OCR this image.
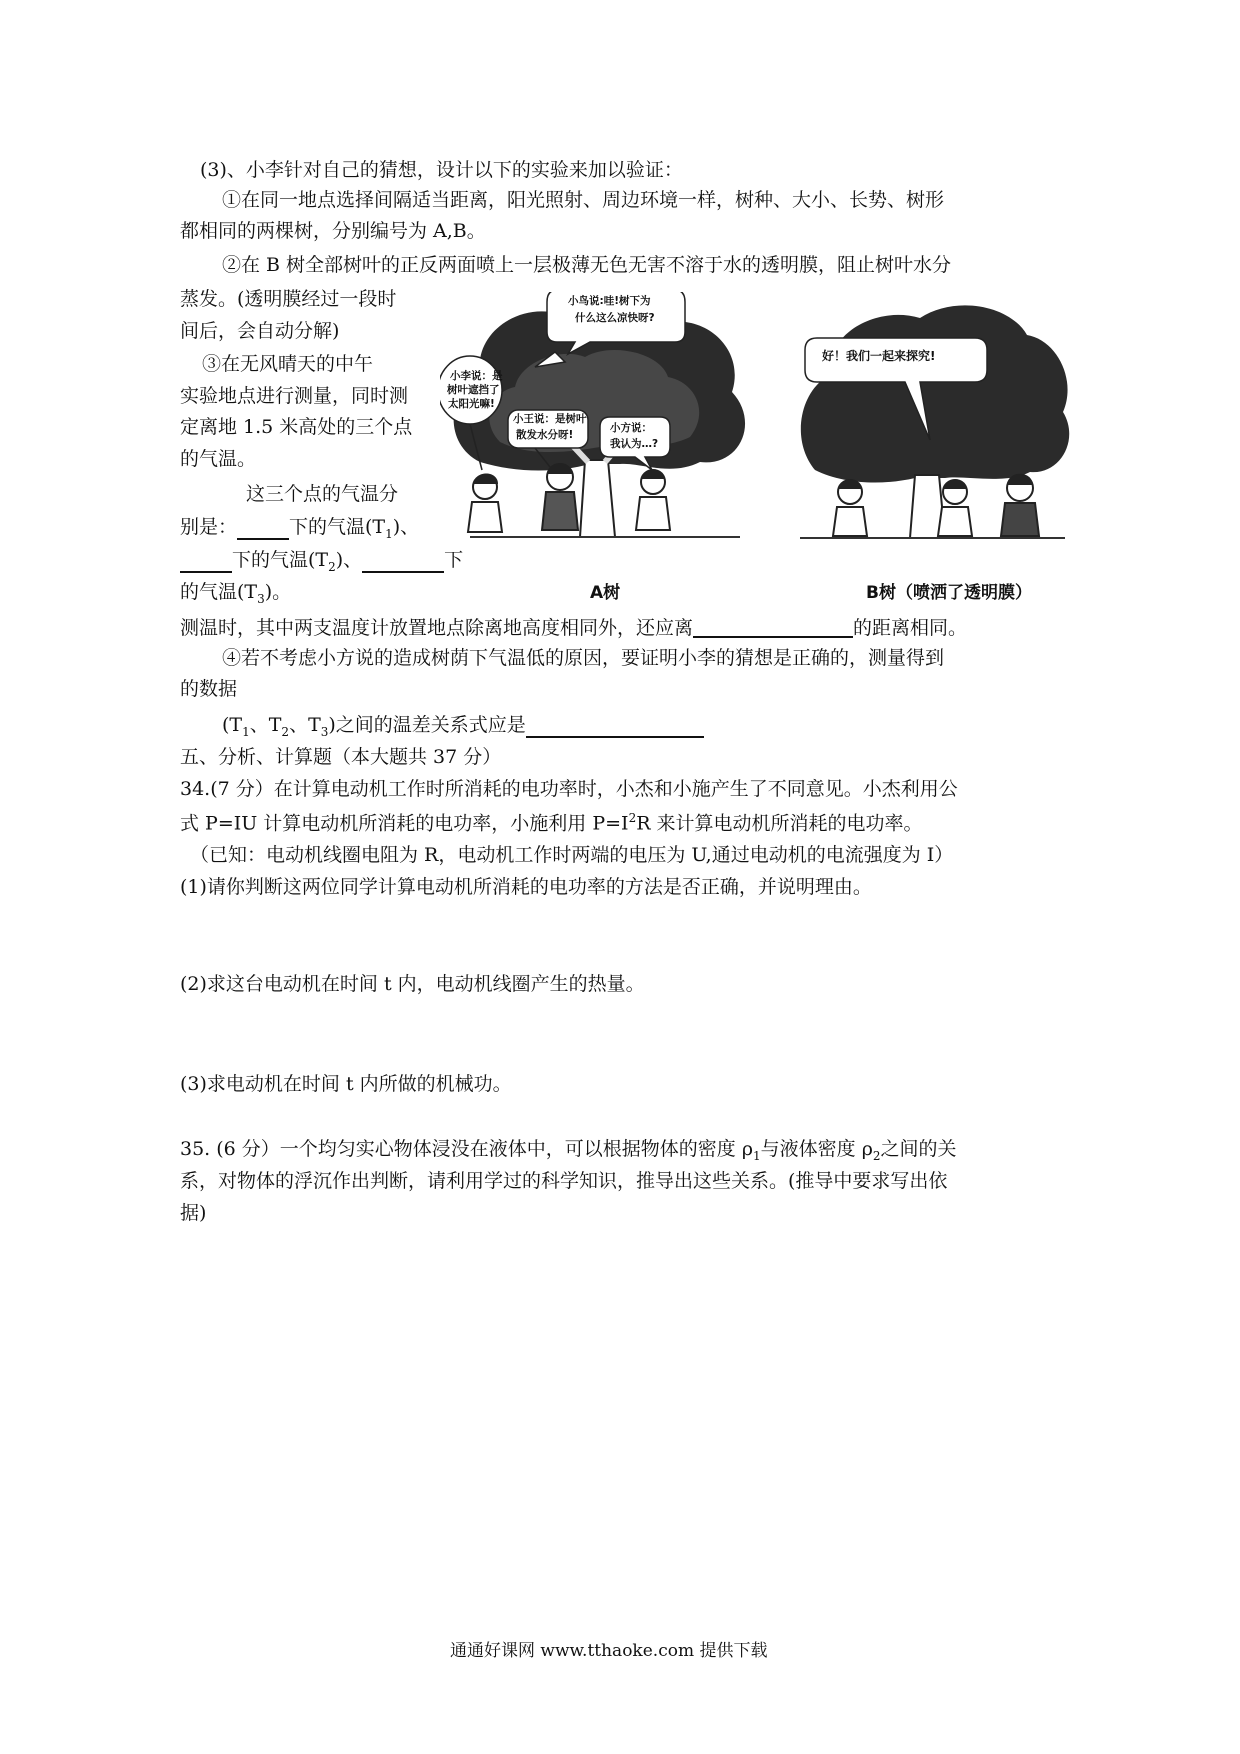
(3)、小李针对自己的猜想，设计以下的实验来加以验证：
①在同一地点选择间隔适当距离，阳光照射、周边环境一样，树种、大小、长势、树形
都相同的两棵树，分别编号为 A,B。
②在 B 树全部树叶的正反两面喷上一层极薄无色无害不溶于水的透明膜，阻止树叶水分
蒸发。(透明膜经过一段时
间后，会自动分解)
③在无风晴天的中午
实验地点进行测量，同时测
定离地 1.5 米高处的三个点
的气温。
这三个点的气温分
别是：	下的气温$(T_1)$、
下的气温$(T_2)$、	下
的气温$(T_3)$。
测温时，其中两支温度计放置地点除离地高度相同外，还应离	的距离相同。
④若不考虑小方说的造成树荫下气温低的原因，要证明小李的猜想是正确的，测量得到
的数据
($T_1$、$T_2$、$T_3$)之间的温差关系式应是
五、分析、计算题（本大题共 37 分）
34.(7 分）在计算电动机工作时所消耗的电功率时，小杰和小施产生了不同意见。小杰利用公
式 P=IU 计算电动机所消耗的电功率，小施利用 $P=I^2R$ 来计算电动机所消耗的电功率。
（已知：电动机线圈电阻为 R，电动机工作时两端的电压为 U,通过电动机的电流强度为 I）
(1)请你判断这两位同学计算电动机所消耗的电功率的方法是否正确，并说明理由。
(2)求这台电动机在时间 t 内，电动机线圈产生的热量。
(3)求电动机在时间 t 内所做的机械功。
35. (6 分）一个均匀实心物体浸没在液体中，可以根据物体的密度 $\rho_1$与液体密度 $\rho_2$之间的关
系，对物体的浮沉作出判断，请利用学过的科学知识，推导出这些关系。(推导中要求写出依
据)
小鸟说:哇!树下为
什么这么凉快呀?
小李说：是
树叶遮挡了
太阳光嘛!
小王说：是树叶
散发水分呀!
小方说：
我认为…?
好！我们一起来探究!
A树	B树（喷洒了透明膜）
通通好课网 www.tthaoke.com 提供下载
